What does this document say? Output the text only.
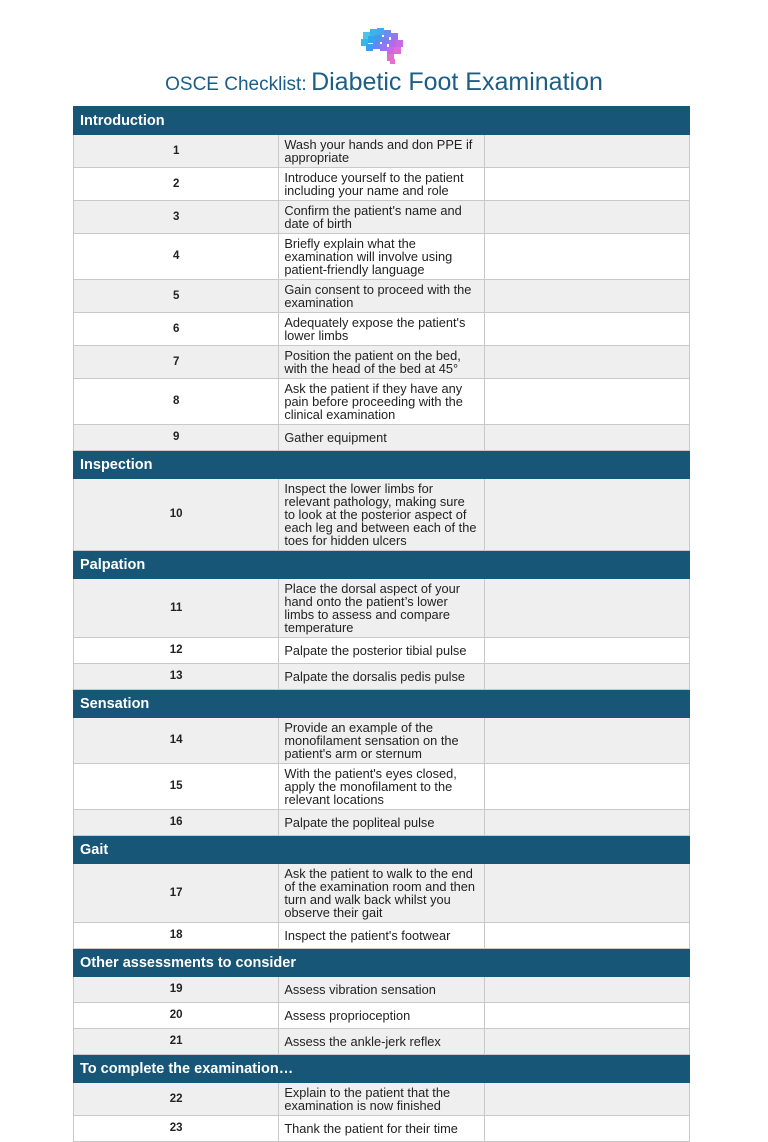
OSCE Checklist: Diabetic Foot Examination
Introduction		
1	Wash your hands and don PPE if appropriate	
2	Introduce yourself to the patient including your name and role	
3	Confirm the patient's name and date of birth	
4	Briefly explain what the examination will involve using patient-friendly language	
5	Gain consent to proceed with the examination	
6	Adequately expose the patient's lower limbs	
7	Position the patient on the bed, with the head of the bed at 45°	
8	Ask the patient if they have any pain before proceeding with the clinical examination	
9	Gather equipment	
Inspection		
10	Inspect the lower limbs for relevant pathology, making sure to look at the posterior aspect of each leg and between each of the toes for hidden ulcers	
Palpation		
11	Place the dorsal aspect of your hand onto the patient’s lower limbs to assess and compare temperature	
12	Palpate the posterior tibial pulse	
13	Palpate the dorsalis pedis pulse	
Sensation		
14	Provide an example of the monofilament sensation on the patient's arm or sternum	
15	With the patient's eyes closed, apply the monofilament to the relevant locations	
16	Palpate the popliteal pulse	
Gait		
17	Ask the patient to walk to the end of the examination room and then turn and walk back whilst you observe their gait	
18	Inspect the patient's footwear	
Other assessments to consider		
19	Assess vibration sensation	
20	Assess proprioception	
21	Assess the ankle-jerk reflex	
To complete the examination…		
22	Explain to the patient that the examination is now finished	
23	Thank the patient for their time	
